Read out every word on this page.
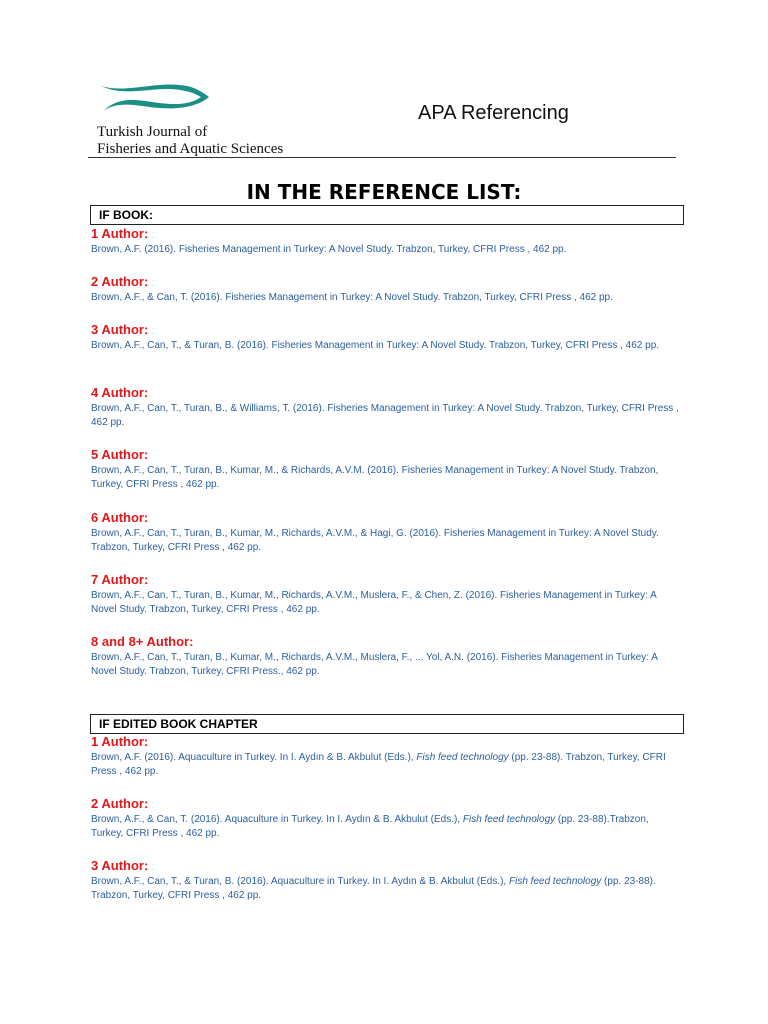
Turkish Journal of
Fisheries and Aquatic Sciences
APA Referencing
IN THE REFERENCE LIST:
IF BOOK:
1 Author:
Brown, A.F. (2016). Fisheries Management in Turkey: A Novel Study. Trabzon, Turkey, CFRI Press , 462 pp.
2 Author:
Brown, A.F., & Can, T. (2016). Fisheries Management in Turkey: A Novel Study. Trabzon, Turkey, CFRI Press , 462 pp.
3 Author:
Brown, A.F., Can, T., & Turan, B. (2016). Fisheries Management in Turkey: A Novel Study. Trabzon, Turkey, CFRI Press , 462 pp.
4 Author:
Brown, A.F., Can, T., Turan, B., & Williams, T. (2016). Fisheries Management in Turkey: A Novel Study. Trabzon, Turkey, CFRI Press , 462 pp.
5 Author:
Brown, A.F., Can, T., Turan, B., Kumar, M., & Richards, A.V.M. (2016). Fisheries Management in Turkey: A Novel Study. Trabzon, Turkey, CFRI Press , 462 pp.
6 Author:
Brown, A.F., Can, T., Turan, B., Kumar, M., Richards, A.V.M., & Hagi, G. (2016). Fisheries Management in Turkey: A Novel Study. Trabzon, Turkey, CFRI Press , 462 pp.
7 Author:
Brown, A.F., Can, T., Turan, B., Kumar, M., Richards, A.V.M., Muslera, F., & Chen, Z. (2016). Fisheries Management in Turkey: A Novel Study. Trabzon, Turkey, CFRI Press , 462 pp.
8 and 8+ Author:
Brown, A.F., Can, T., Turan, B., Kumar, M., Richards, A.V.M., Muslera, F., ... Yol, A.N. (2016). Fisheries Management in Turkey: A Novel Study. Trabzon, Turkey, CFRI Press., 462 pp.
IF EDITED BOOK CHAPTER
1 Author:
Brown, A.F. (2016). Aquaculture in Turkey. In I. Aydın & B. Akbulut (Eds.), Fish feed technology (pp. 23-88). Trabzon, Turkey, CFRI Press , 462 pp.
2 Author:
Brown, A.F., & Can, T. (2016). Aquaculture in Turkey. In I. Aydın & B. Akbulut (Eds.), Fish feed technology (pp. 23-88).Trabzon, Turkey, CFRI Press , 462 pp.
3 Author:
Brown, A.F., Can, T., & Turan, B. (2016). Aquaculture in Turkey. In I. Aydın & B. Akbulut (Eds.), Fish feed technology (pp. 23-88). Trabzon, Turkey, CFRI Press , 462 pp.
